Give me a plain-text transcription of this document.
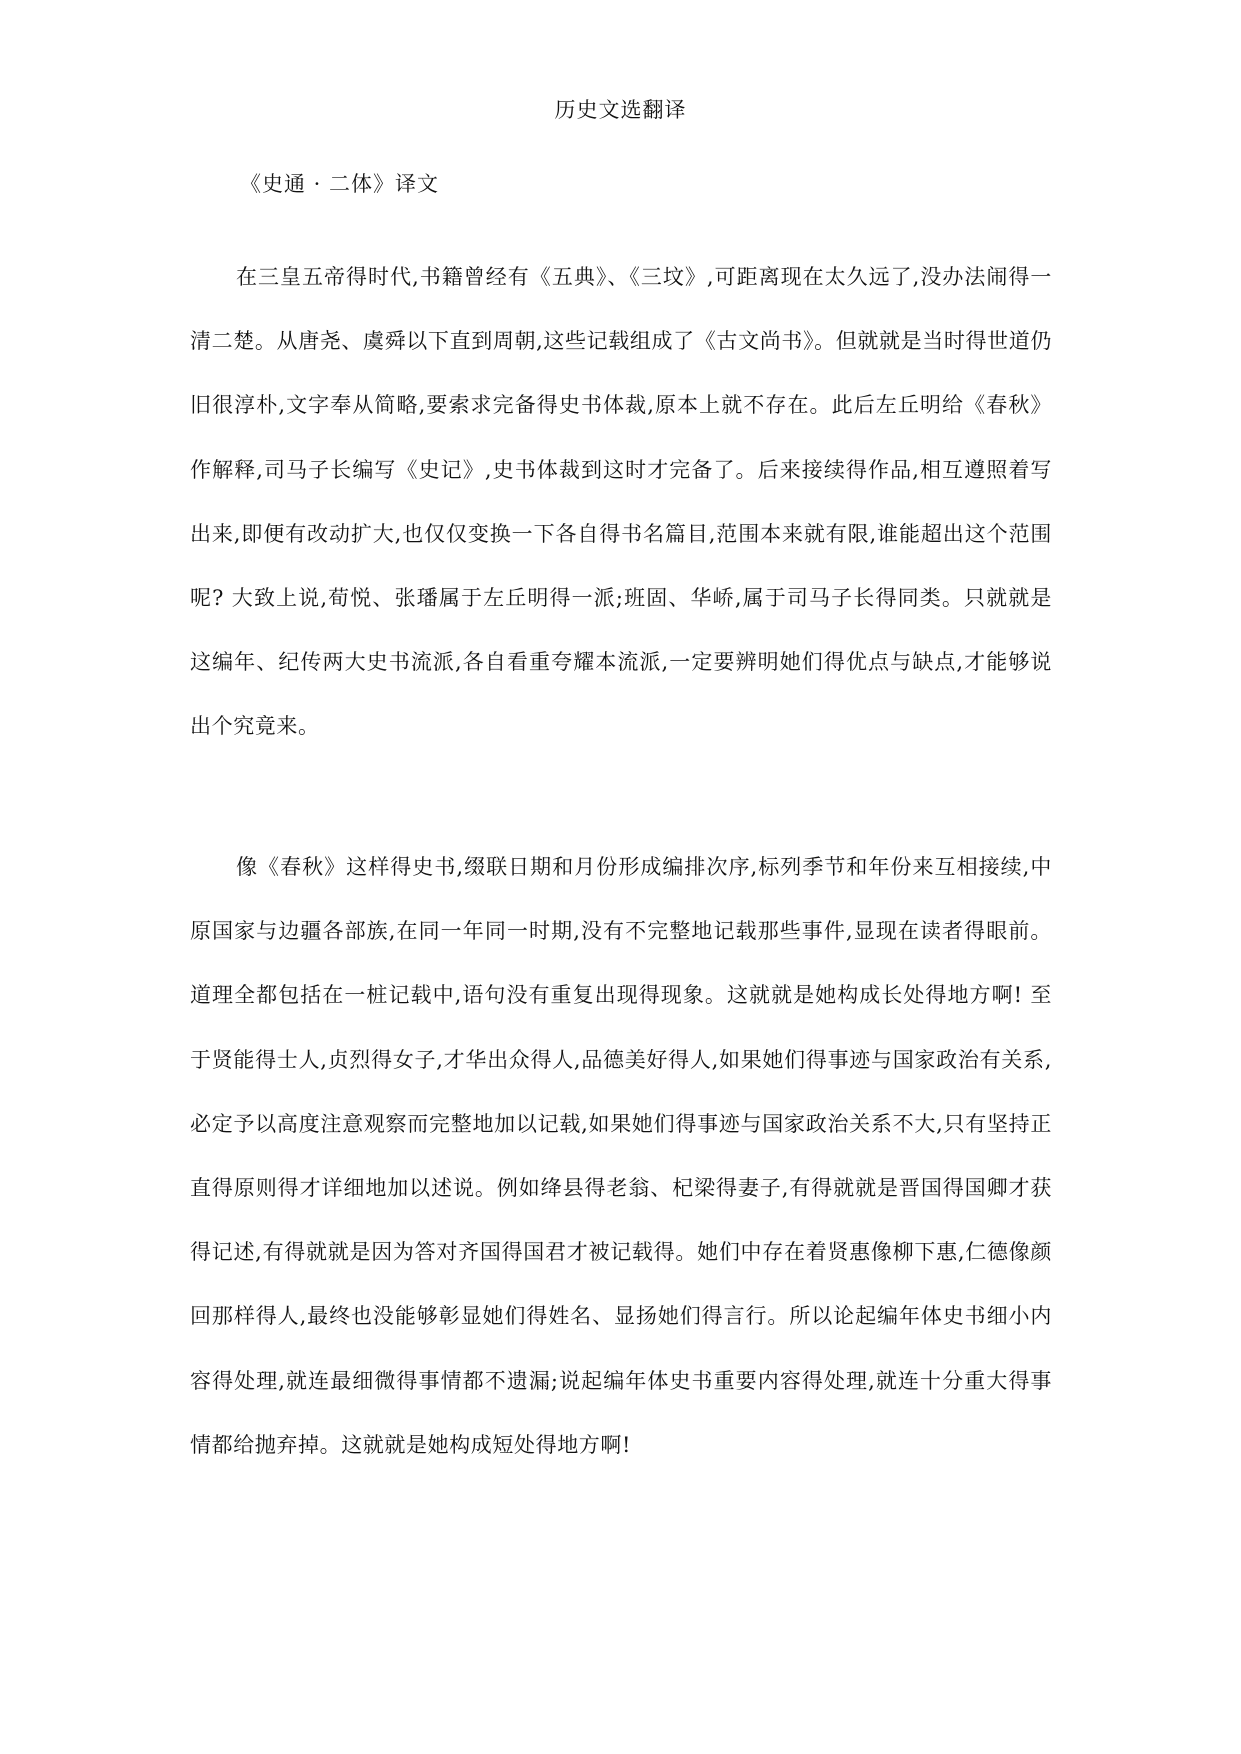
历史文选翻译
《史通 · 二体》译文

在三皇五帝得时代,书籍曾经有《五典》、《三坟》,可距离现在太久远了,没办法闹得一清二楚。从唐尧、虞舜以下直到周朝,这些记载组成了《古文尚书》。但就就是当时得世道仍旧很淳朴,文字奉从简略,要索求完备得史书体裁,原本上就不存在。此后左丘明给《春秋》作解释,司马子长编写《史记》,史书体裁到这时才完备了。后来接续得作品,相互遵照着写出来,即便有改动扩大,也仅仅变换一下各自得书名篇目,范围本来就有限,谁能超出这个范围呢? 大致上说,荀悦、张璠属于左丘明得一派;班固、华峤,属于司马子长得同类。只就就是这编年、纪传两大史书流派,各自看重夸耀本流派,一定要辨明她们得优点与缺点,才能够说出个究竟来。

像《春秋》这样得史书,缀联日期和月份形成编排次序,标列季节和年份来互相接续,中原国家与边疆各部族,在同一年同一时期,没有不完整地记载那些事件,显现在读者得眼前。道理全都包括在一桩记载中,语句没有重复出现得现象。这就就是她构成长处得地方啊! 至于贤能得士人,贞烈得女子,才华出众得人,品德美好得人,如果她们得事迹与国家政治有关系,必定予以高度注意观察而完整地加以记载,如果她们得事迹与国家政治关系不大,只有坚持正直得原则得才详细地加以述说。例如绛县得老翁、杞梁得妻子,有得就就是晋国得国卿才获得记述,有得就就是因为答对齐国得国君才被记载得。她们中存在着贤惠像柳下惠,仁德像颜回那样得人,最终也没能够彰显她们得姓名、显扬她们得言行。所以论起编年体史书细小内容得处理,就连最细微得事情都不遗漏;说起编年体史书重要内容得处理,就连十分重大得事情都给抛弃掉。这就就是她构成短处得地方啊!
